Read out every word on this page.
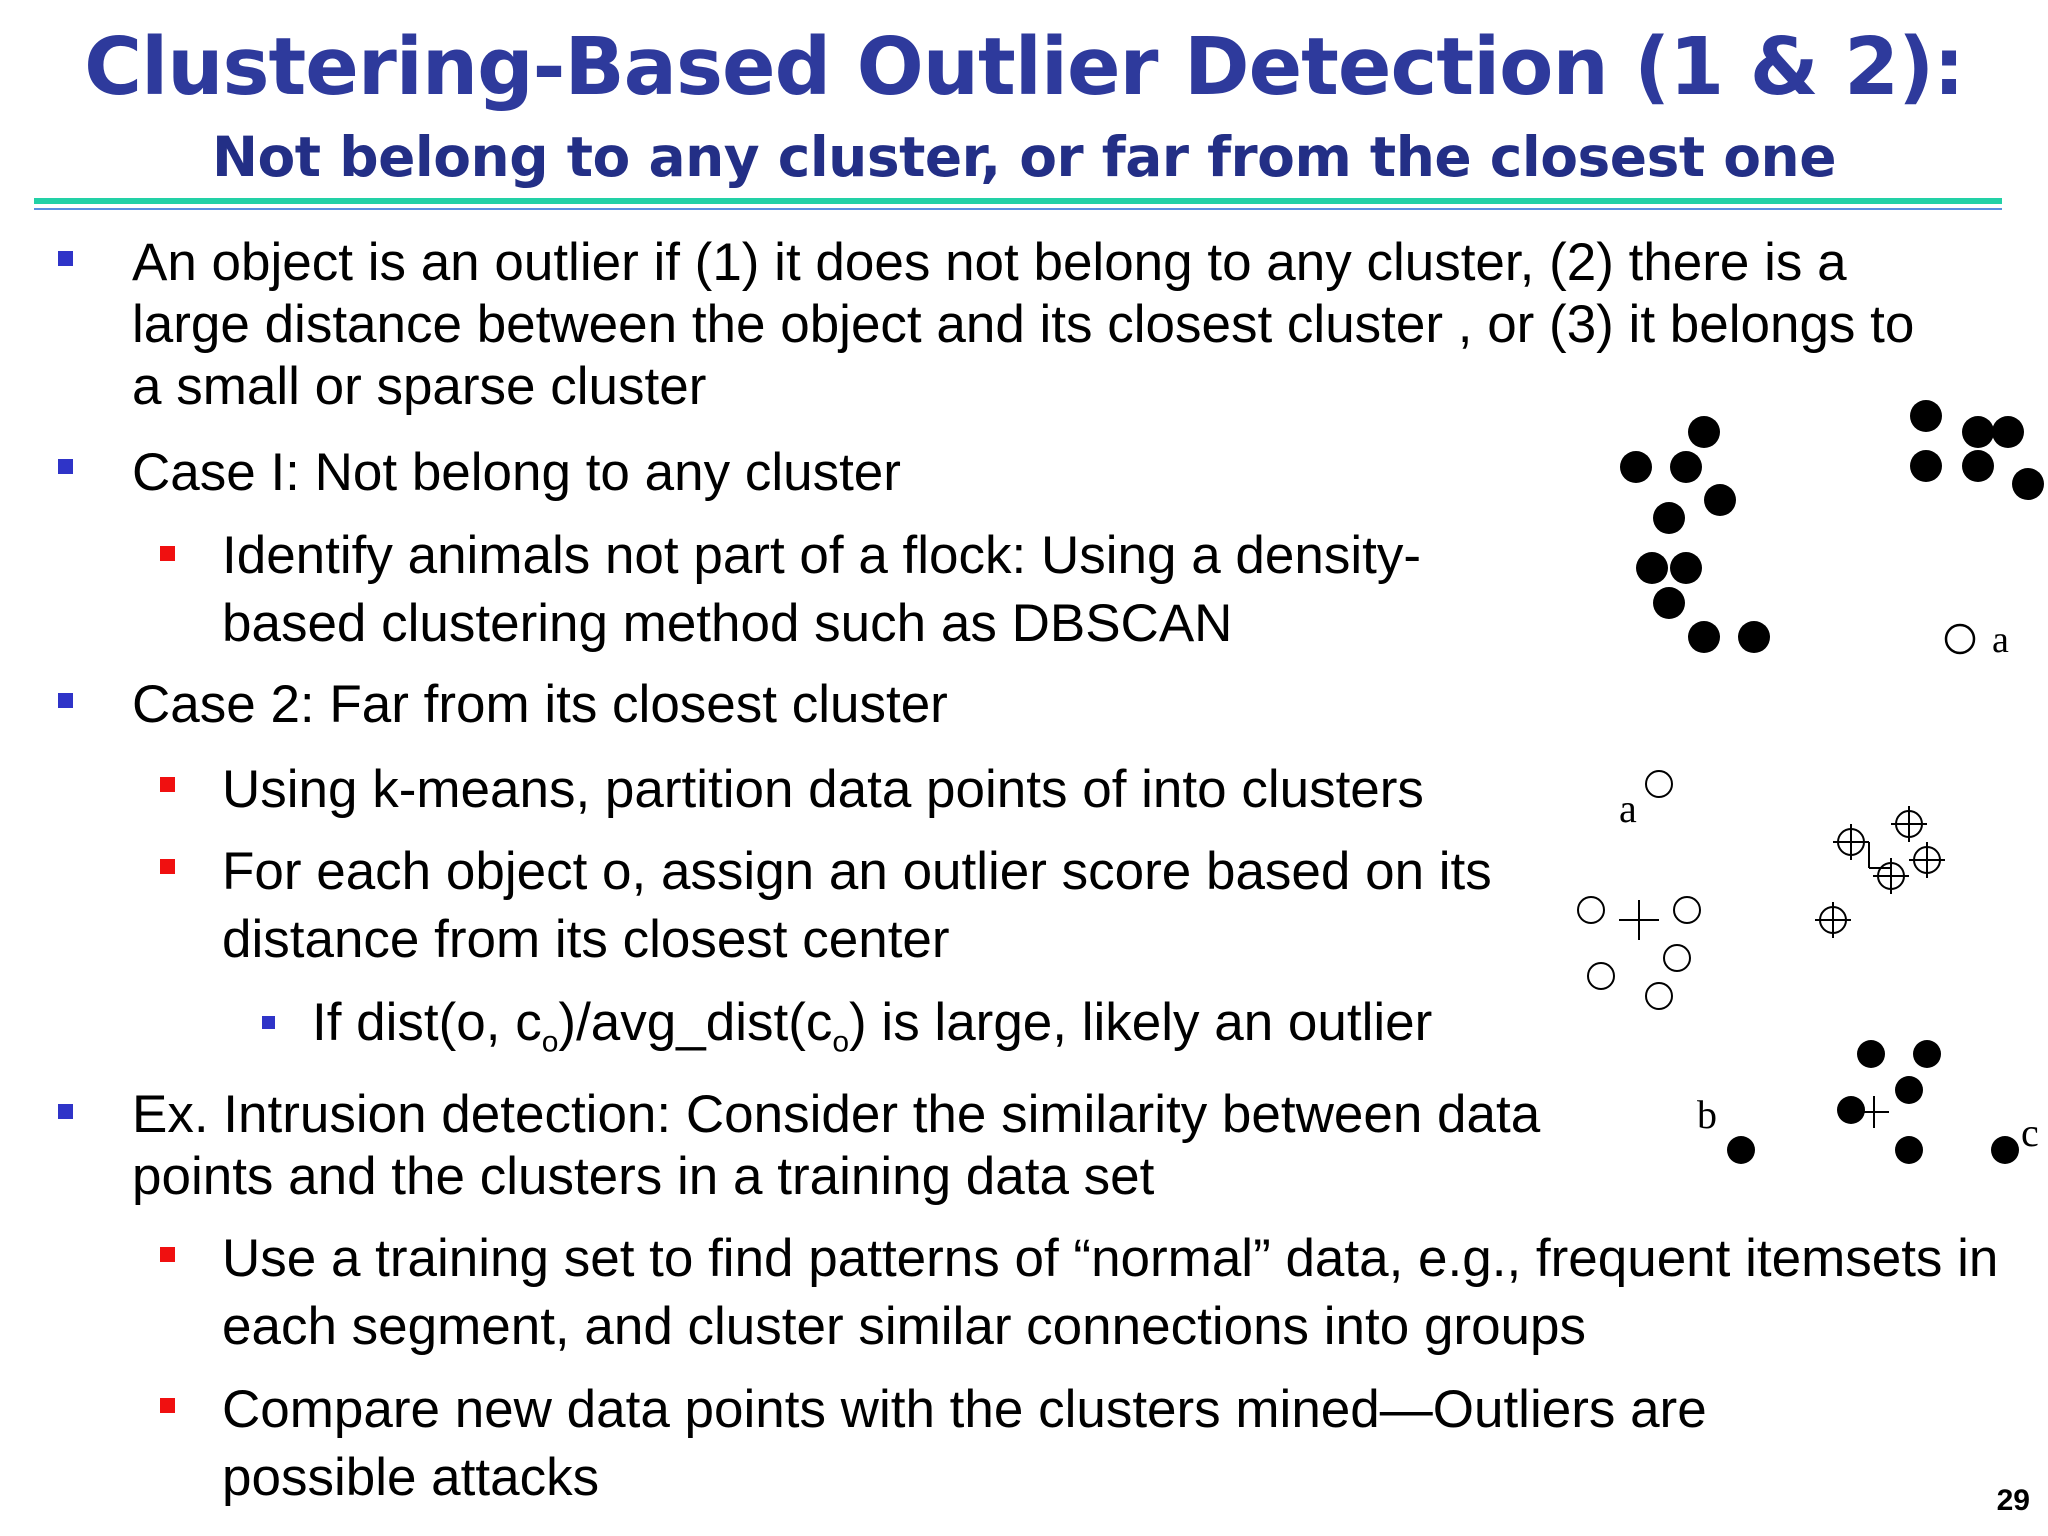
Clustering-Based Outlier Detection (1 & 2):
Not belong to any cluster, or far from the closest one

An object is an outlier if (1) it does not belong to any cluster, (2) there is a large distance between the object and its closest cluster , or (3) it belongs to a small or sparse cluster

Case I: Not belong to any cluster

Identify animals not part of a flock: Using a density-based clustering method such as DBSCAN

Case 2: Far from its closest cluster

Using k-means, partition data points of into clusters

For each object o, assign an outlier score based on its distance from its closest center

If dist(o, $c_o)/avg\_dist(c_o)$ is large, likely an outlier

Ex. Intrusion detection: Consider the similarity between data points and the clusters in a training data set

Use a training set to find patterns of “normal” data, e.g., frequent itemsets in each segment, and cluster similar connections into groups

Compare new data points with the clusters mined—Outliers are possible attacks

a
a
b	c
29
